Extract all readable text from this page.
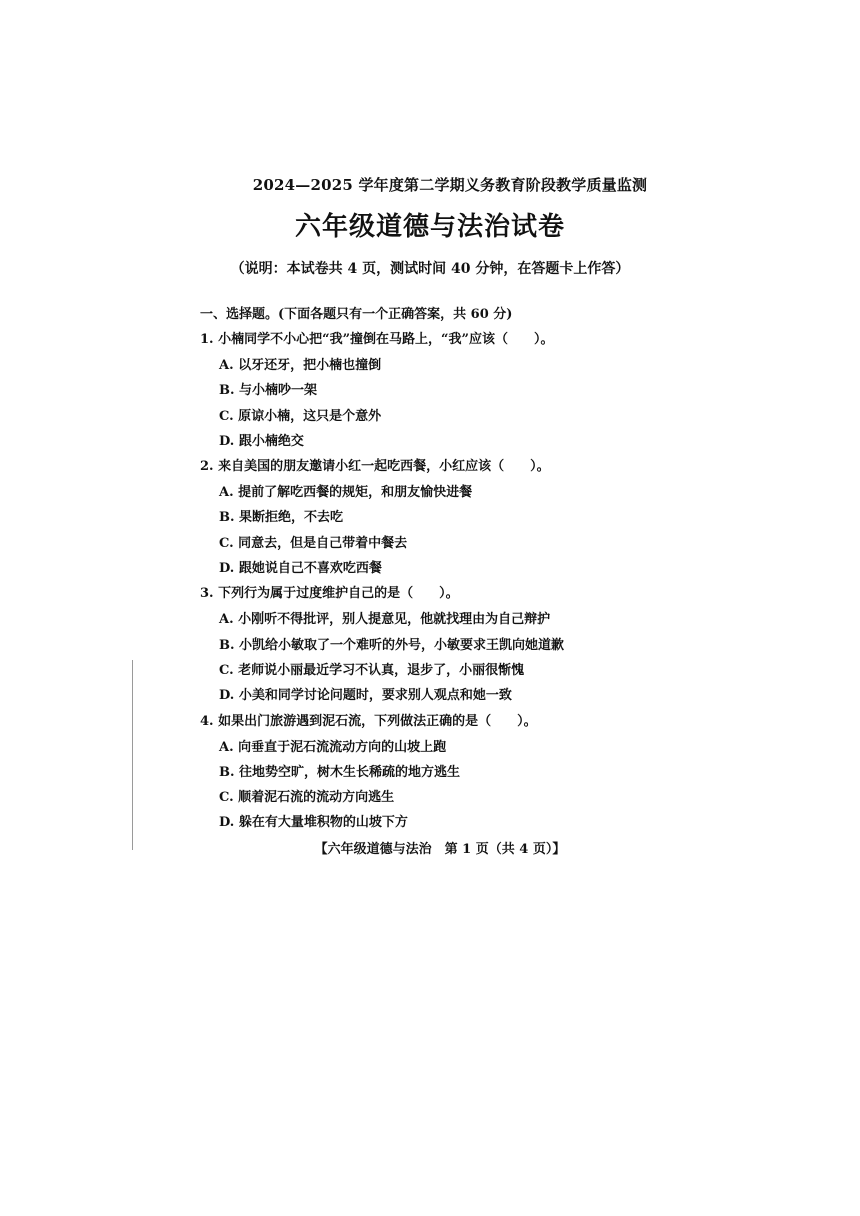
2024—2025 学年度第二学期义务教育阶段教学质量监测
六年级道德与法治试卷
（说明：本试卷共 4 页，测试时间 40 分钟，在答题卡上作答）
一、选择题。(下面各题只有一个正确答案，共 60 分)
1. 小楠同学不小心把“我”撞倒在马路上，“我”应该（　　）。
A. 以牙还牙，把小楠也撞倒
B. 与小楠吵一架
C. 原谅小楠，这只是个意外
D. 跟小楠绝交
2. 来自美国的朋友邀请小红一起吃西餐，小红应该（　　）。
A. 提前了解吃西餐的规矩，和朋友愉快进餐
B. 果断拒绝，不去吃
C. 同意去，但是自己带着中餐去
D. 跟她说自己不喜欢吃西餐
3. 下列行为属于过度维护自己的是（　　）。
A. 小刚听不得批评，别人提意见，他就找理由为自己辩护
B. 小凯给小敏取了一个难听的外号，小敏要求王凯向她道歉
C. 老师说小丽最近学习不认真，退步了，小丽很惭愧
D. 小美和同学讨论问题时，要求别人观点和她一致
4. 如果出门旅游遇到泥石流，下列做法正确的是（　　）。
A. 向垂直于泥石流流动方向的山坡上跑
B. 往地势空旷，树木生长稀疏的地方逃生
C. 顺着泥石流的流动方向逃生
D. 躲在有大量堆积物的山坡下方
【六年级道德与法治　第 1 页（共 4 页）】
